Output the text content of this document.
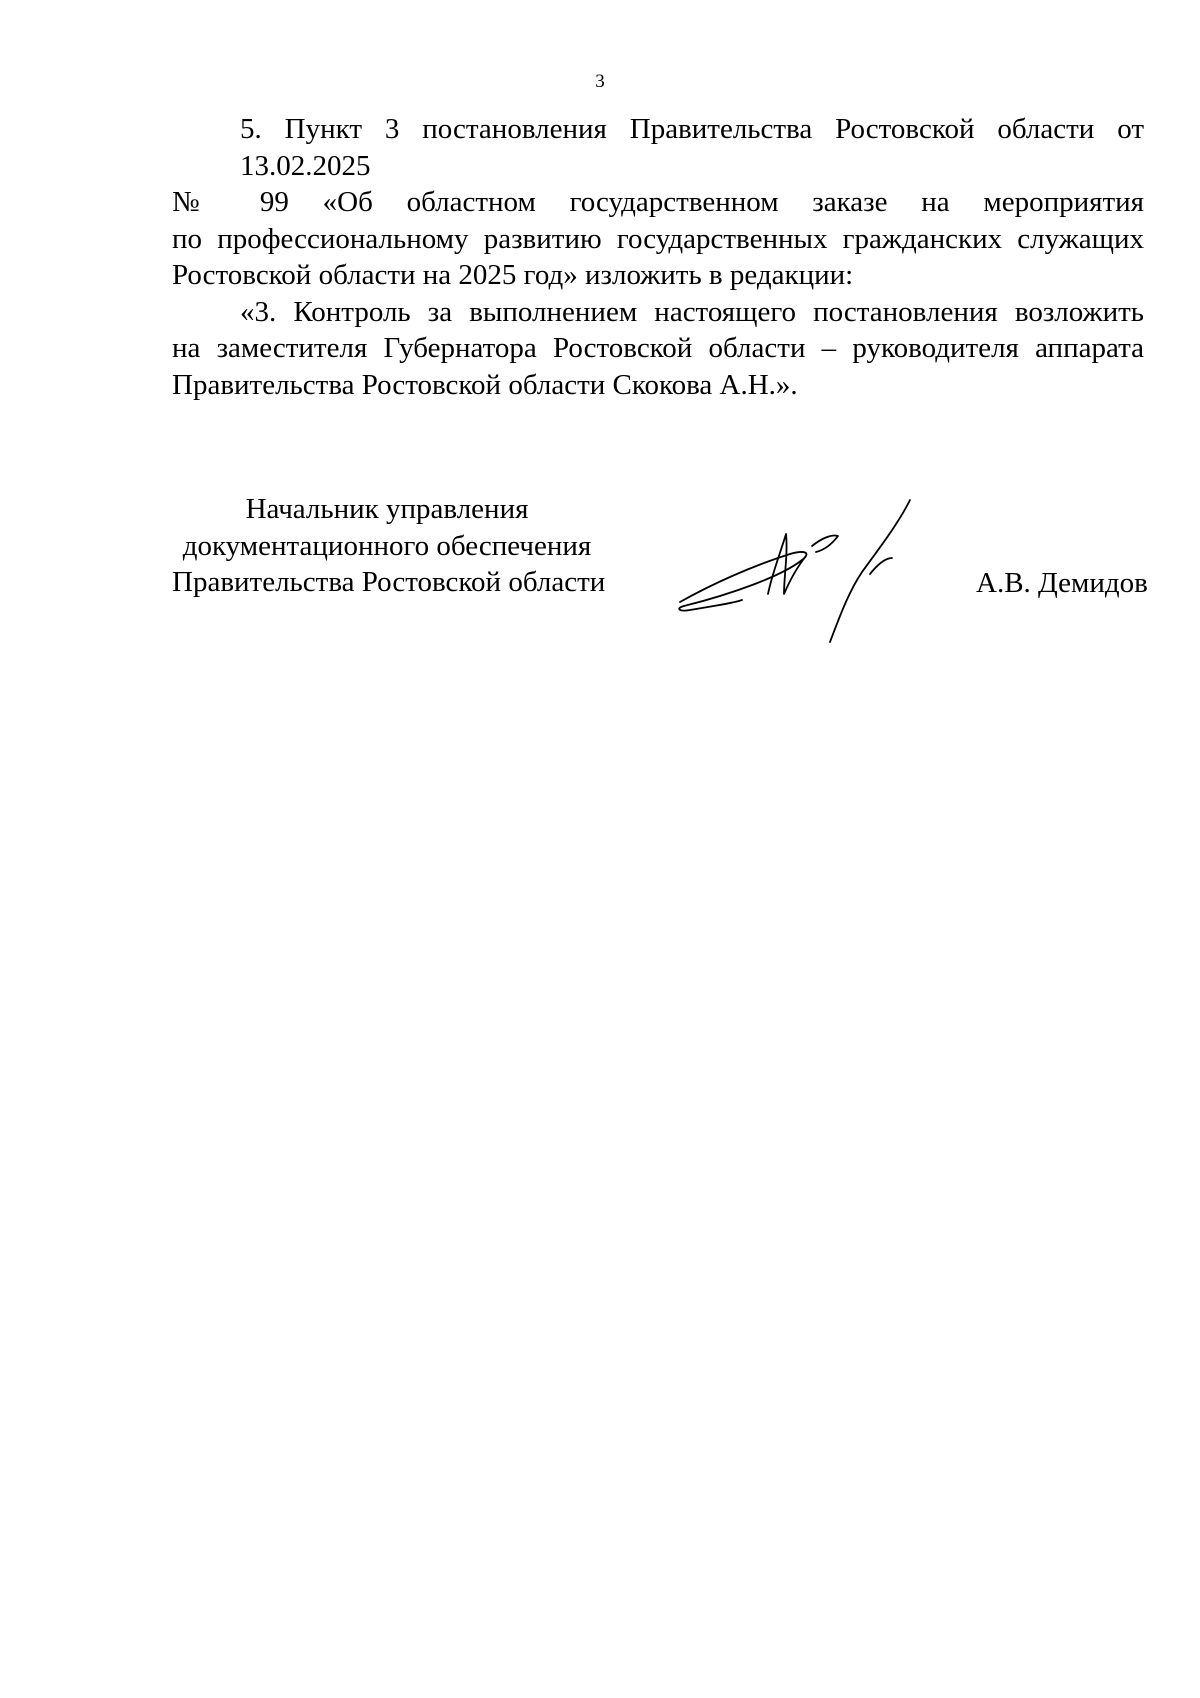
3
5. Пункт 3 постановления Правительства Ростовской области от 13.02.2025
№ 99 «Об областном государственном заказе на мероприятия
по профессиональному развитию государственных гражданских служащих
Ростовской области на 2025 год» изложить в редакции:
«3. Контроль за выполнением настоящего постановления возложить
на заместителя Губернатора Ростовской области – руководителя аппарата
Правительства Ростовской области Скокова А.Н.».
Начальник управления
документационного обеспечения
Правительства Ростовской области	А.В. Демидов
